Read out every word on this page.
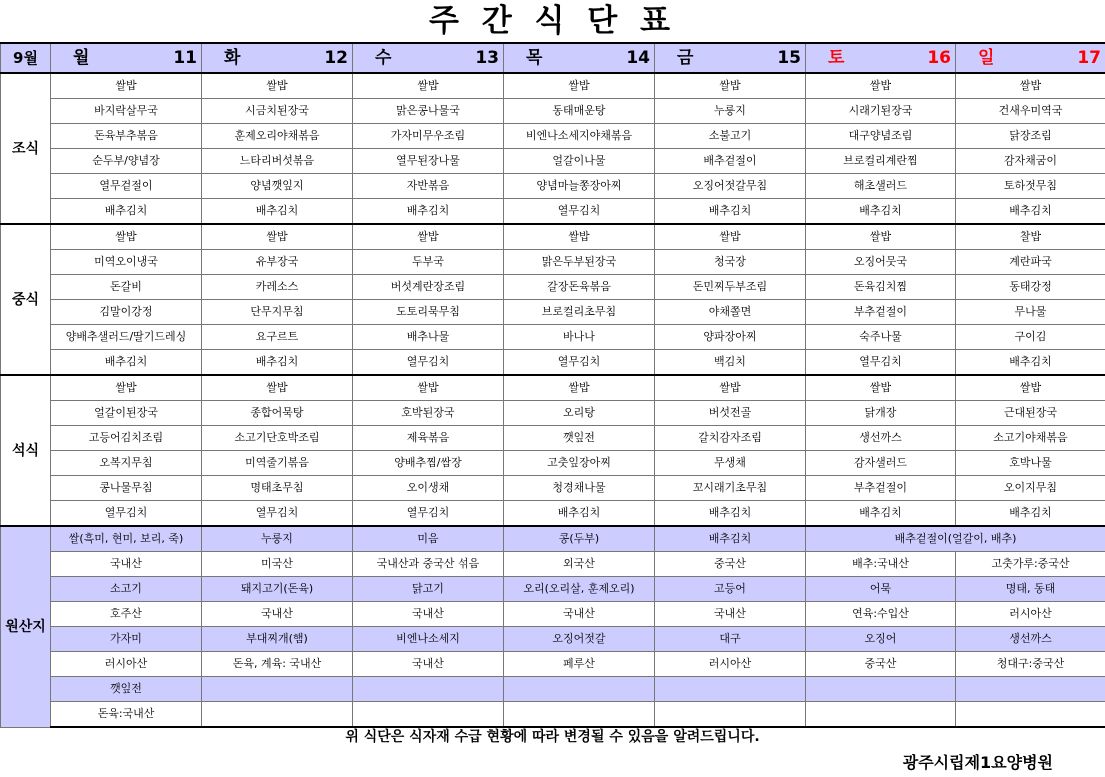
주 간 식 단 표
9월	월 11	화 12	수 13	목 14	금 15	토 16	일 17

조식	쌀밥	쌀밥	쌀밥	쌀밥	쌀밥	쌀밥	쌀밥
	바지락살무국	시금치된장국	맑은콩나물국	동태매운탕	누룽지	시래기된장국	건새우미역국
	돈육부추볶음	훈제오리야채볶음	가자미무우조림	비엔나소세지야채볶음	소불고기	대구양념조림	닭장조림
	순두부/양념장	느타리버섯볶음	열무된장나물	얼갈이나물	배추겉절이	브로컬리계란찜	감자채굼이
	열무겉절이	양념깻잎지	자반볶음	양념마늘쫑장아찌	오징어젓갈무침	해초샐러드	토하젓무침
	배추김치	배추김치	배추김치	열무김치	배추김치	배추김치	배추김치
중식	쌀밥	쌀밥	쌀밥	쌀밥	쌀밥	쌀밥	찰밥
	미역오이냉국	유부장국	두부국	맑은두부된장국	청국장	오징어뭇국	계란파국
	돈갈비	카레소스	버섯계란장조림	갈장돈육볶음	돈민찌두부조림	돈육김치찜	동태강정
	김말이강정	단무지무침	도토리묵무침	브로컬리초무침	야채쫄면	부추겉절이	무나물
	양배추샐러드/딸기드레싱	요구르트	배추나물	바나나	양파장아찌	숙주나물	구이김
	배추김치	배추김치	열무김치	열무김치	백김치	열무김치	배추김치
석식	쌀밥	쌀밥	쌀밥	쌀밥	쌀밥	쌀밥	쌀밥
	얼갈이된장국	종합어묵탕	호박된장국	오리탕	버섯전골	닭개장	근대된장국
	고등어김치조림	소고기단호박조림	제육볶음	깻잎전	갈치감자조림	생선까스	소고기야채볶음
	오복지무침	미역줄기볶음	양배추찜/쌈장	고춧잎장아찌	무생채	감자샐러드	호박나물
	콩나물무침	명태초무침	오이생채	청경채나물	꼬시래기초무침	부추겉절이	오이지무침
	열무김치	열무김치	열무김치	배추김치	배추김치	배추김치	배추김치
원산지	쌀(흑미, 현미, 보리, 죽)	누룽지	미음	콩(두부)	배추김치	배추겉절이(얼갈이, 배추)	
	국내산	미국산	국내산과 중국산 섞음	외국산	중국산	배추:국내산	고춧가루:중국산
	소고기	돼지고기(돈육)	닭고기	오리(오리살, 훈제오리)	고등어	어묵	명태, 동태
	호주산	국내산	국내산	국내산	국내산	연육:수입산	러시아산
	가자미	부대찌개(햄)	비엔나소세지	오징어젓갈	대구	오징어	생선까스
	러시아산	돈육, 계육: 국내산	국내산	페루산	러시아산	중국산	청대구:중국산
	깻잎전						
	돈육:국내산						
위 식단은 식자재 수급 현황에 따라 변경될 수 있음을 알려드립니다.
광주시립제1요양병원
